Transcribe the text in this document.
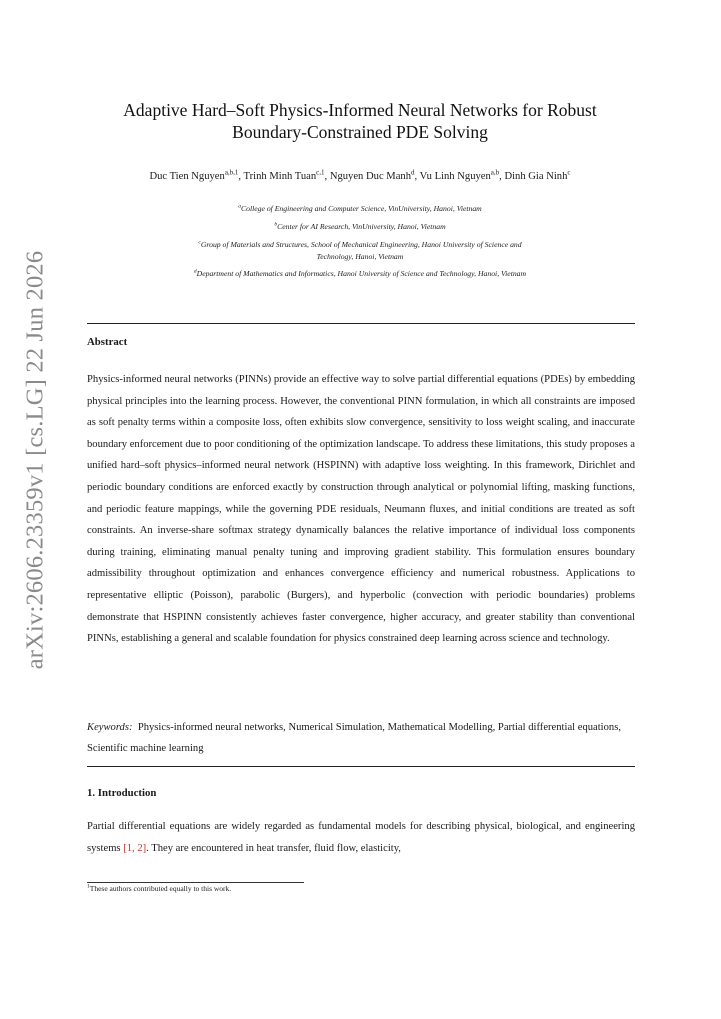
arXiv:2606.23359v1 [cs.LG] 22 Jun 2026
Adaptive Hard–Soft Physics-Informed Neural Networks for Robust
Boundary-Constrained PDE Solving
Duc Tien Nguyen$^{a,b,1}$, Trinh Minh Tuan$^{c,1}$, Nguyen Duc Manh$^d$, Vu Linh Nguyen$^{a,b}$, Dinh Gia Ninh$^c$
$^a$College of Engineering and Computer Science, VinUniversity, Hanoi, Vietnam
$^b$Center for AI Research, VinUniversity, Hanoi, Vietnam
$^c$Group of Materials and Structures, School of Mechanical Engineering, Hanoi University of Science and
Technology, Hanoi, Vietnam
$^d$Department of Mathematics and Informatics, Hanoi University of Science and Technology, Hanoi, Vietnam
Abstract
Physics-informed neural networks (PINNs) provide an effective way to solve partial differential equations (PDEs) by embedding physical principles into the learning process. However, the conventional PINN formulation, in which all constraints are imposed as soft penalty terms within a composite loss, often exhibits slow convergence, sensitivity to loss weight scaling, and inaccurate boundary enforcement due to poor conditioning of the optimization landscape. To address these limitations, this study proposes a unified hard–soft physics–informed neural network (HSPINN) with adaptive loss weighting. In this framework, Dirichlet and periodic boundary conditions are enforced exactly by construction through analytical or polynomial lifting, masking functions, and periodic feature mappings, while the governing PDE residuals, Neumann fluxes, and initial conditions are treated as soft constraints. An inverse-share softmax strategy dynamically balances the relative importance of individual loss components during training, eliminating manual penalty tuning and improving gradient stability. This formulation ensures boundary admissibility throughout optimization and enhances convergence efficiency and numerical robustness. Applications to representative elliptic (Poisson), parabolic (Burgers), and hyperbolic (convection with periodic boundaries) problems demonstrate that HSPINN consistently achieves faster convergence, higher accuracy, and greater stability than conventional PINNs, establishing a general and scalable foundation for physics constrained deep learning across science and technology.
Keywords: Physics-informed neural networks, Numerical Simulation, Mathematical Modelling, Partial differential equations, Scientific machine learning
1. Introduction
Partial differential equations are widely regarded as fundamental models for describing physical, biological, and engineering systems [1, 2]. They are encountered in heat transfer, fluid flow, elasticity,
$^1$These authors contributed equally to this work.
